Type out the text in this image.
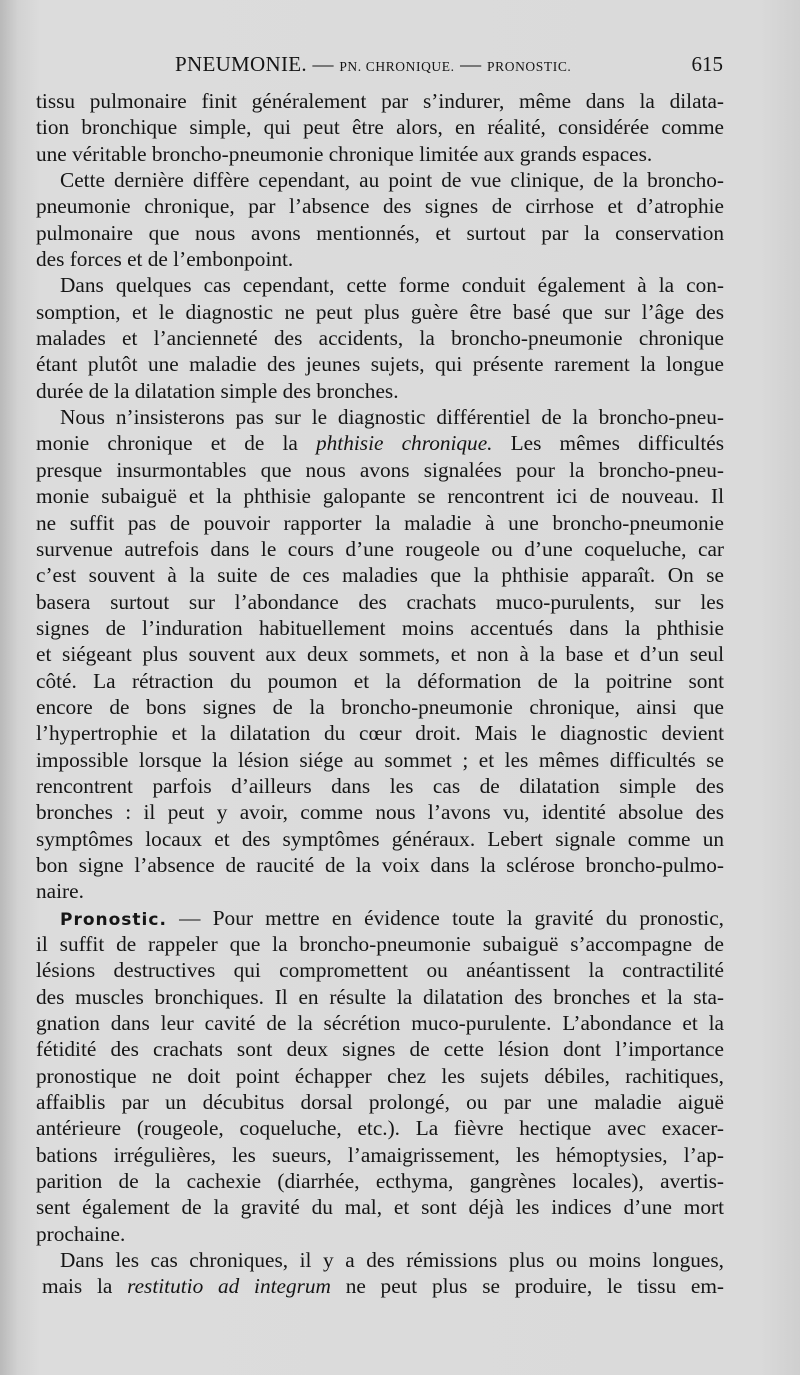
PNEUMONIE. — PN. CHRONIQUE. — PRONOSTIC.	615
tissu pulmonaire finit généralement par s’indurer, même dans la dilata-
tion bronchique simple, qui peut être alors, en réalité, considérée comme
une véritable broncho-pneumonie chronique limitée aux grands espaces.
Cette dernière diffère cependant, au point de vue clinique, de la broncho-
pneumonie chronique, par l’absence des signes de cirrhose et d’atrophie
pulmonaire que nous avons mentionnés, et surtout par la conservation
des forces et de l’embonpoint.
Dans quelques cas cependant, cette forme conduit également à la con-
somption, et le diagnostic ne peut plus guère être basé que sur l’âge des
malades et l’ancienneté des accidents, la broncho-pneumonie chronique
étant plutôt une maladie des jeunes sujets, qui présente rarement la longue
durée de la dilatation simple des bronches.
Nous n’insisterons pas sur le diagnostic différentiel de la broncho-pneu-
monie chronique et de la phthisie chronique. Les mêmes difficultés
presque insurmontables que nous avons signalées pour la broncho-pneu-
monie subaiguë et la phthisie galopante se rencontrent ici de nouveau. Il
ne suffit pas de pouvoir rapporter la maladie à une broncho-pneumonie
survenue autrefois dans le cours d’une rougeole ou d’une coqueluche, car
c’est souvent à la suite de ces maladies que la phthisie apparaît. On se
basera surtout sur l’abondance des crachats muco-purulents, sur les
signes de l’induration habituellement moins accentués dans la phthisie
et siégeant plus souvent aux deux sommets, et non à la base et d’un seul
côté. La rétraction du poumon et la déformation de la poitrine sont
encore de bons signes de la broncho-pneumonie chronique, ainsi que
l’hypertrophie et la dilatation du cœur droit. Mais le diagnostic devient
impossible lorsque la lésion siége au sommet ; et les mêmes difficultés se
rencontrent parfois d’ailleurs dans les cas de dilatation simple des
bronches : il peut y avoir, comme nous l’avons vu, identité absolue des
symptômes locaux et des symptômes généraux. Lebert signale comme un
bon signe l’absence de raucité de la voix dans la sclérose broncho-pulmo-
naire.
Pronostic. — Pour mettre en évidence toute la gravité du pronostic,
il suffit de rappeler que la broncho-pneumonie subaiguë s’accompagne de
lésions destructives qui compromettent ou anéantissent la contractilité
des muscles bronchiques. Il en résulte la dilatation des bronches et la sta-
gnation dans leur cavité de la sécrétion muco-purulente. L’abondance et la
fétidité des crachats sont deux signes de cette lésion dont l’importance
pronostique ne doit point échapper chez les sujets débiles, rachitiques,
affaiblis par un décubitus dorsal prolongé, ou par une maladie aiguë
antérieure (rougeole, coqueluche, etc.). La fièvre hectique avec exacer-
bations irrégulières, les sueurs, l’amaigrissement, les hémoptysies, l’ap-
parition de la cachexie (diarrhée, ecthyma, gangrènes locales), avertis-
sent également de la gravité du mal, et sont déjà les indices d’une mort
prochaine.
Dans les cas chroniques, il y a des rémissions plus ou moins longues,
mais la restitutio ad integrum ne peut plus se produire, le tissu em-
